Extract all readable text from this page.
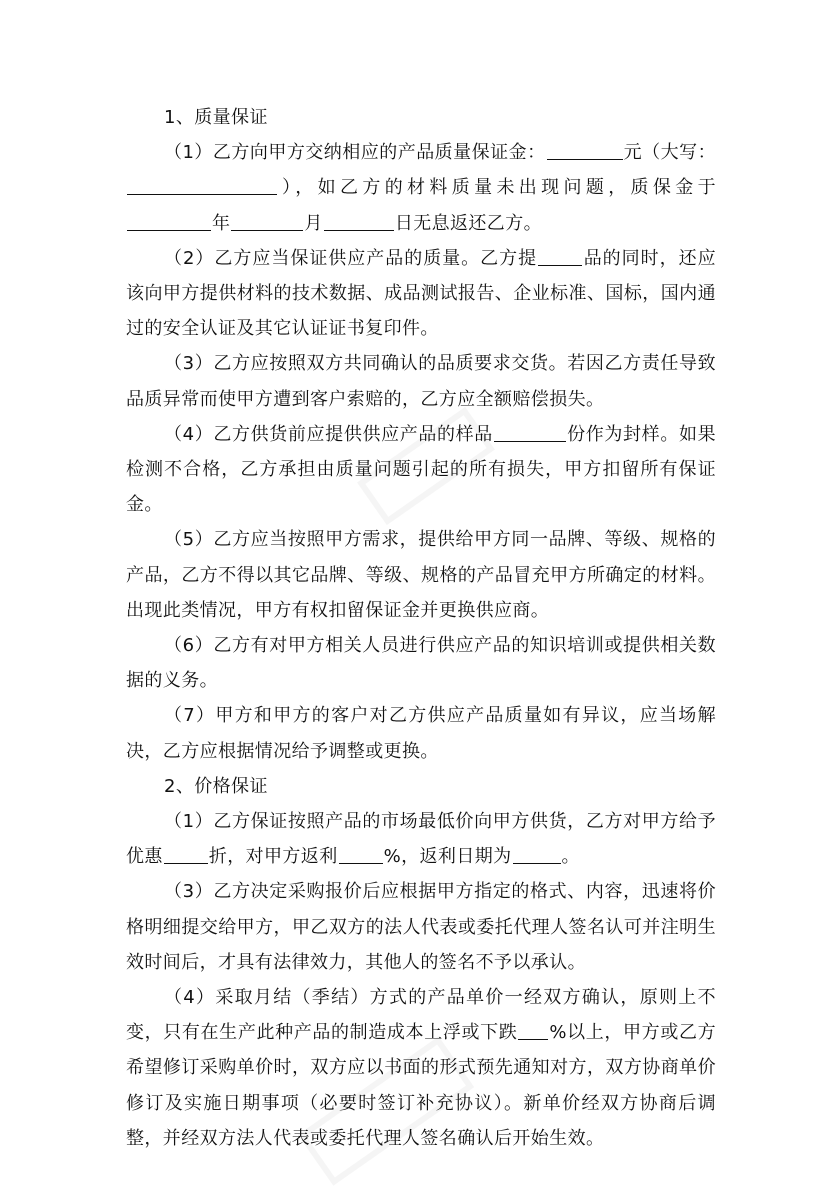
1、质量保证

（1）乙方向甲方交纳相应的产品质量保证金：	元（大写：），如乙方的材料质量未出现问题，质保金于年	月	日无息返还乙方。

（2）乙方应当保证供应产品的质量。乙方提	品的同时，还应该向甲方提供材料的技术数据、成品测试报告、企业标准、国标，国内通过的安全认证及其它认证证书复印件。

（3）乙方应按照双方共同确认的品质要求交货。若因乙方责任导致品质异常而使甲方遭到客户索赔的，乙方应全额赔偿损失。

（4）乙方供货前应提供供应产品的样品	份作为封样。如果检测不合格，乙方承担由质量问题引起的所有损失，甲方扣留所有保证金。

（5）乙方应当按照甲方需求，提供给甲方同一品牌、等级、规格的产品，乙方不得以其它品牌、等级、规格的产品冒充甲方所确定的材料。出现此类情况，甲方有权扣留保证金并更换供应商。

（6）乙方有对甲方相关人员进行供应产品的知识培训或提供相关数据的义务。

（7）甲方和甲方的客户对乙方供应产品质量如有异议，应当场解决，乙方应根据情况给予调整或更换。

2、价格保证

（1）乙方保证按照产品的市场最低价向甲方供货，乙方对甲方给予优惠	折，对甲方返利	%，返利日期为	。

（3）乙方决定采购报价后应根据甲方指定的格式、内容，迅速将价格明细提交给甲方，甲乙双方的法人代表或委托代理人签名认可并注明生效时间后，才具有法律效力，其他人的签名不予以承认。

（4）采取月结（季结）方式的产品单价一经双方确认，原则上不变，只有在生产此种产品的制造成本上浮或下跌 %以上，甲方或乙方希望修订采购单价时，双方应以书面的形式预先通知对方，双方协商单价修订及实施日期事项（必要时签订补充协议）。新单价经双方协商后调整，并经双方法人代表或委托代理人签名确认后开始生效。
